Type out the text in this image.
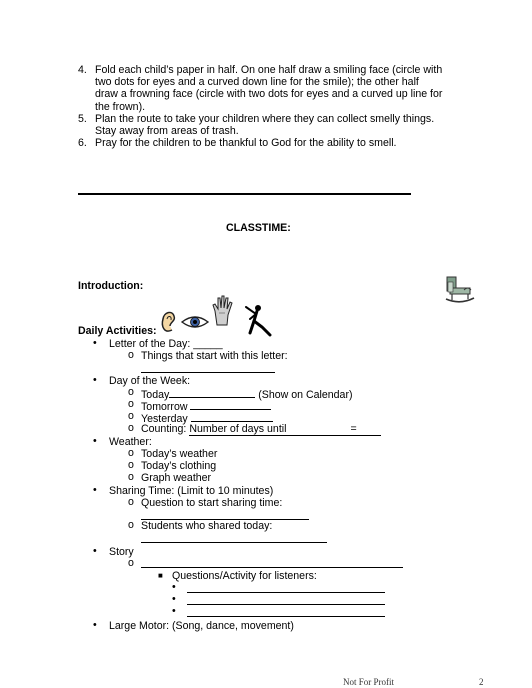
4. Fold each child’s paper in half. On one half draw a smiling face (circle with
two dots for eyes and a curved down line for the smile); the other half
draw a frowning face (circle with two dots for eyes and a curved up line for
the frown).
5. Plan the route to take your children where they can collect smelly things.
Stay away from areas of trash.
6. Pray for the children to be thankful to God for the ability to smell.
CLASSTIME:
Introduction:
Daily Activities:
• Letter of the Day: _____
o Things that start with this letter:
• Day of the Week:
o Today	(Show on Calendar)
o Tomorrow
o Yesterday
o Counting: Number of days until	=
• Weather:
o Today’s weather
o Today’s clothing
o Graph weather
• Sharing Time: (Limit to 10 minutes)
o Question to start sharing time:
o Students who shared today:
• Story
o
■ Questions/Activity for listeners:
•
•
•
• Large Motor: (Song, dance, movement)
Not For Profit	2
